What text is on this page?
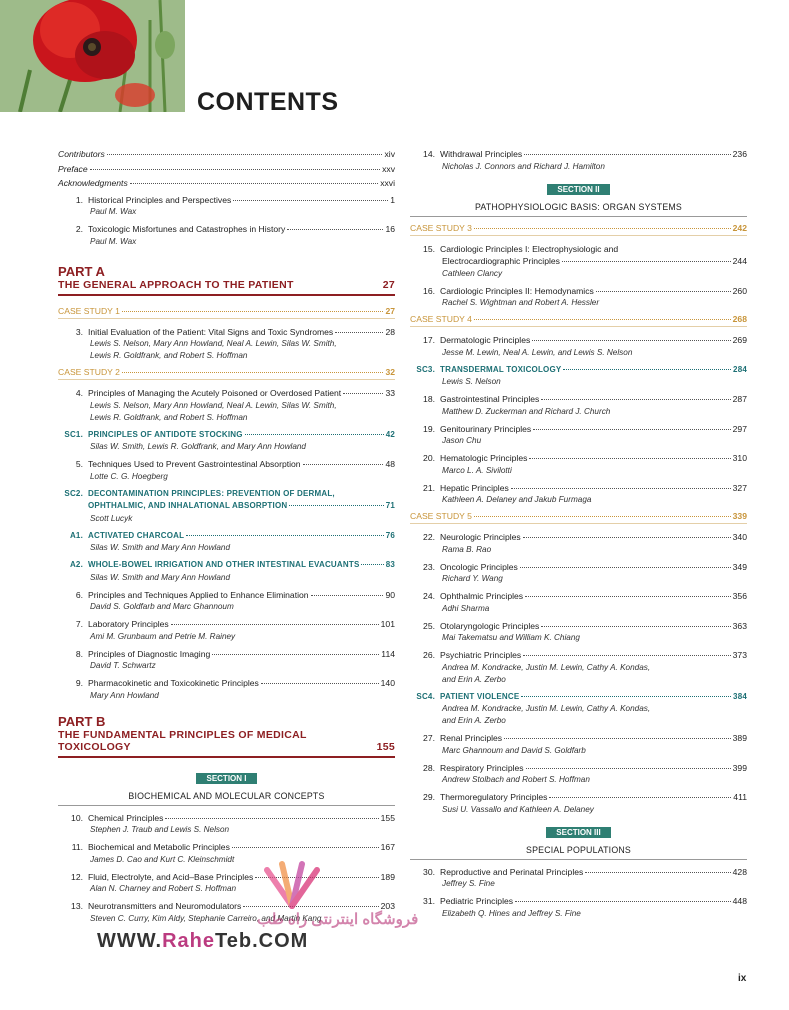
CONTENTS
Contributors	xiv
Preface	xxv
Acknowledgments	xxvi
1. Historical Principles and Perspectives	1
Paul M. Wax
2. Toxicologic Misfortunes and Catastrophes in History	16
Paul M. Wax
PART A
THE GENERAL APPROACH TO THE PATIENT	27
CASE STUDY 1	27
3. Initial Evaluation of the Patient: Vital Signs and Toxic Syndromes	28
Lewis S. Nelson, Mary Ann Howland, Neal A. Lewin, Silas W. Smith,
Lewis R. Goldfrank, and Robert S. Hoffman
CASE STUDY 2	32
4. Principles of Managing the Acutely Poisoned or Overdosed Patient	33
Lewis S. Nelson, Mary Ann Howland, Neal A. Lewin, Silas W. Smith,
Lewis R. Goldfrank, and Robert S. Hoffman
SC1. PRINCIPLES OF ANTIDOTE STOCKING	42
Silas W. Smith, Lewis R. Goldfrank, and Mary Ann Howland
5. Techniques Used to Prevent Gastrointestinal Absorption	48
Lotte C. G. Hoegberg
SC2. DECONTAMINATION PRINCIPLES: PREVENTION OF DERMAL,
OPHTHALMIC, AND INHALATIONAL ABSORPTION	71
Scott Lucyk
A1. ACTIVATED CHARCOAL	76
Silas W. Smith and Mary Ann Howland
A2. WHOLE-BOWEL IRRIGATION AND OTHER INTESTINAL EVACUANTS	83
Silas W. Smith and Mary Ann Howland
6. Principles and Techniques Applied to Enhance Elimination	90
David S. Goldfarb and Marc Ghannoum
7. Laboratory Principles	101
Ami M. Grunbaum and Petrie M. Rainey
8. Principles of Diagnostic Imaging	114
David T. Schwartz
9. Pharmacokinetic and Toxicokinetic Principles	140
Mary Ann Howland
PART B
THE FUNDAMENTAL PRINCIPLES OF MEDICAL
TOXICOLOGY	155
SECTION I
BIOCHEMICAL AND MOLECULAR CONCEPTS
10. Chemical Principles	155
Stephen J. Traub and Lewis S. Nelson
11. Biochemical and Metabolic Principles	167
James D. Cao and Kurt C. Kleinschmidt
12. Fluid, Electrolyte, and Acid–Base Principles	189
Alan N. Charney and Robert S. Hoffman
13. Neurotransmitters and Neuromodulators	203
Steven C. Curry, Kim Aldy, Stephanie Carreiro, and Martin Kang
14. Withdrawal Principles	236
Nicholas J. Connors and Richard J. Hamilton
SECTION II
PATHOPHYSIOLOGIC BASIS: ORGAN SYSTEMS
CASE STUDY 3	242
15. Cardiologic Principles I: Electrophysiologic and
Electrocardiographic Principles	244
Cathleen Clancy
16. Cardiologic Principles II: Hemodynamics	260
Rachel S. Wightman and Robert A. Hessler
CASE STUDY 4	268
17. Dermatologic Principles	269
Jesse M. Lewin, Neal A. Lewin, and Lewis S. Nelson
SC3. TRANSDERMAL TOXICOLOGY	284
Lewis S. Nelson
18. Gastrointestinal Principles	287
Matthew D. Zuckerman and Richard J. Church
19. Genitourinary Principles	297
Jason Chu
20. Hematologic Principles	310
Marco L. A. Sivilotti
21. Hepatic Principles	327
Kathleen A. Delaney and Jakub Furmaga
CASE STUDY 5	339
22. Neurologic Principles	340
Rama B. Rao
23. Oncologic Principles	349
Richard Y. Wang
24. Ophthalmic Principles	356
Adhi Sharma
25. Otolaryngologic Principles	363
Mai Takematsu and William K. Chiang
26. Psychiatric Principles	373
Andrea M. Kondracke, Justin M. Lewin, Cathy A. Kondas,
and Erin A. Zerbo
SC4. PATIENT VIOLENCE	384
Andrea M. Kondracke, Justin M. Lewin, Cathy A. Kondas,
and Erin A. Zerbo
27. Renal Principles	389
Marc Ghannoum and David S. Goldfarb
28. Respiratory Principles	399
Andrew Stolbach and Robert S. Hoffman
29. Thermoregulatory Principles	411
Susi U. Vassallo and Kathleen A. Delaney
SECTION III
SPECIAL POPULATIONS
30. Reproductive and Perinatal Principles	428
Jeffrey S. Fine
31. Pediatric Principles	448
Elizabeth Q. Hines and Jeffrey S. Fine
فروشگاه اینترنتی راه طب
WWW.RaheTeb.COM
ix
